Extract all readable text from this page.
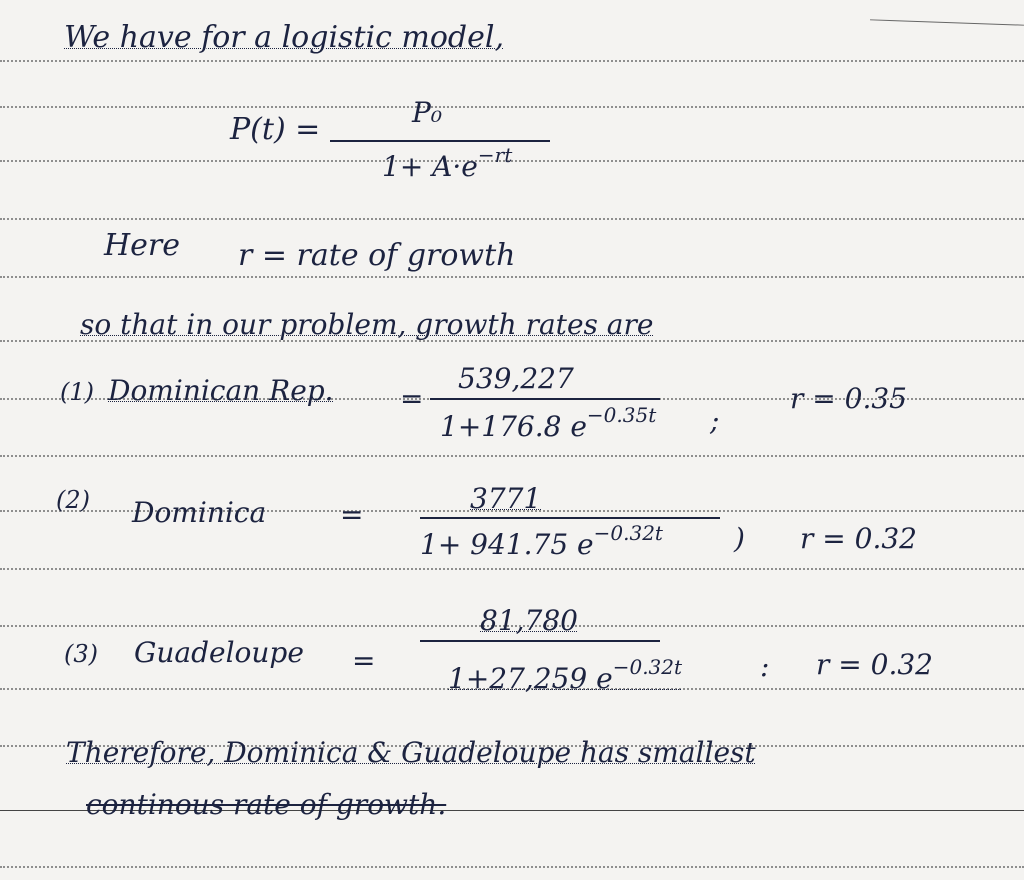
We have for a logistic model,
P(t) =	P₀
$1+ A\cdot e^{-rt}$
Here r = rate of growth
so that in our problem, growth rates are
(1) Dominican Rep. =
539,227
1+176.8 $e^{-0.35t}$ ;
r = 0.35
(2) Dominica	=	3771
1+ 941.75 $e^{-0.32t}$	) r = 0.32
(3) Guadeloupe =
81,780
1+27,259 $e^{-0.32t}$	: r = 0.32
Therefore, Dominica & Guadeloupe has smallest
continous rate of growth.
